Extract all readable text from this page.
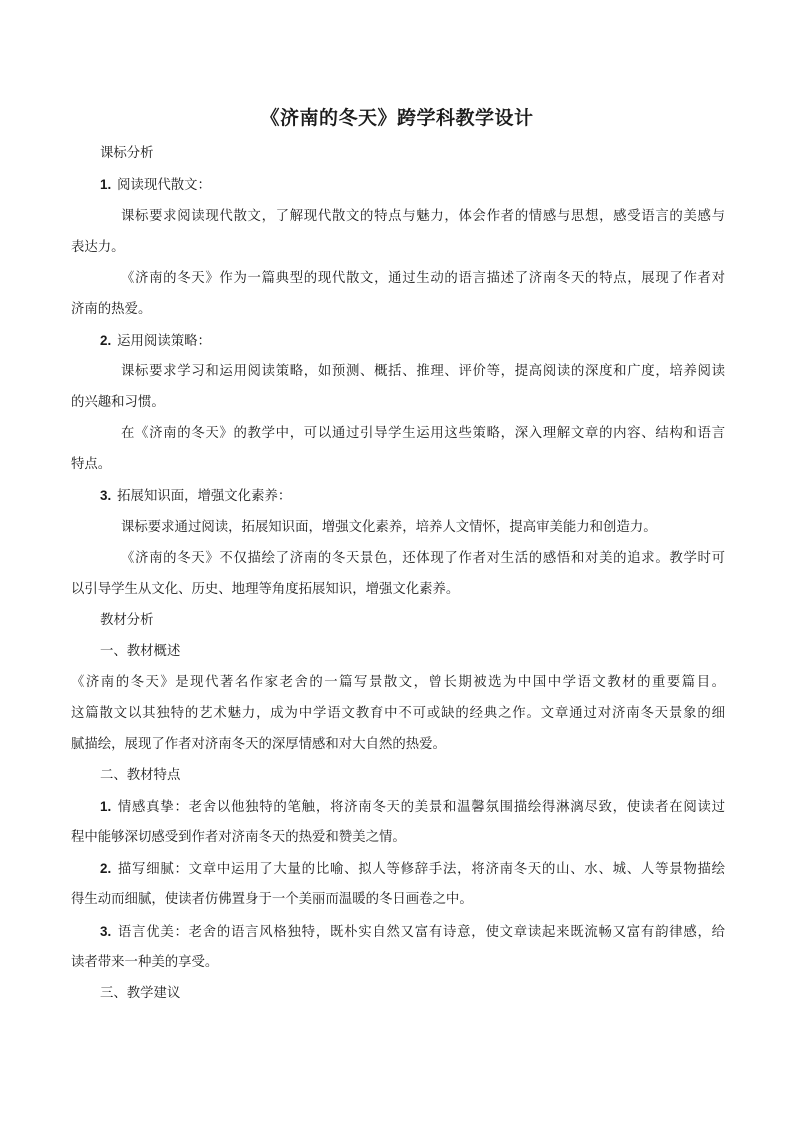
《济南的冬天》跨学科教学设计
课标分析
1. 阅读现代散文：
课标要求阅读现代散文，了解现代散文的特点与魅力，体会作者的情感与思想，感受语言的美感与
表达力。
《济南的冬天》作为一篇典型的现代散文，通过生动的语言描述了济南冬天的特点，展现了作者对
济南的热爱。
2. 运用阅读策略：
课标要求学习和运用阅读策略，如预测、概括、推理、评价等，提高阅读的深度和广度，培养阅读
的兴趣和习惯。
在《济南的冬天》的教学中，可以通过引导学生运用这些策略，深入理解文章的内容、结构和语言
特点。
3. 拓展知识面，增强文化素养：
课标要求通过阅读，拓展知识面，增强文化素养，培养人文情怀，提高审美能力和创造力。
《济南的冬天》不仅描绘了济南的冬天景色，还体现了作者对生活的感悟和对美的追求。教学时可
以引导学生从文化、历史、地理等角度拓展知识，增强文化素养。
教材分析
一、教材概述
《济南的冬天》是现代著名作家老舍的一篇写景散文，曾长期被选为中国中学语文教材的重要篇目。
这篇散文以其独特的艺术魅力，成为中学语文教育中不可或缺的经典之作。文章通过对济南冬天景象的细
腻描绘，展现了作者对济南冬天的深厚情感和对大自然的热爱。
二、教材特点
1. 情感真挚：老舍以他独特的笔触，将济南冬天的美景和温馨氛围描绘得淋漓尽致，使读者在阅读过
程中能够深切感受到作者对济南冬天的热爱和赞美之情。
2. 描写细腻：文章中运用了大量的比喻、拟人等修辞手法，将济南冬天的山、水、城、人等景物描绘
得生动而细腻，使读者仿佛置身于一个美丽而温暖的冬日画卷之中。
3. 语言优美：老舍的语言风格独特，既朴实自然又富有诗意，使文章读起来既流畅又富有韵律感，给
读者带来一种美的享受。
三、教学建议
